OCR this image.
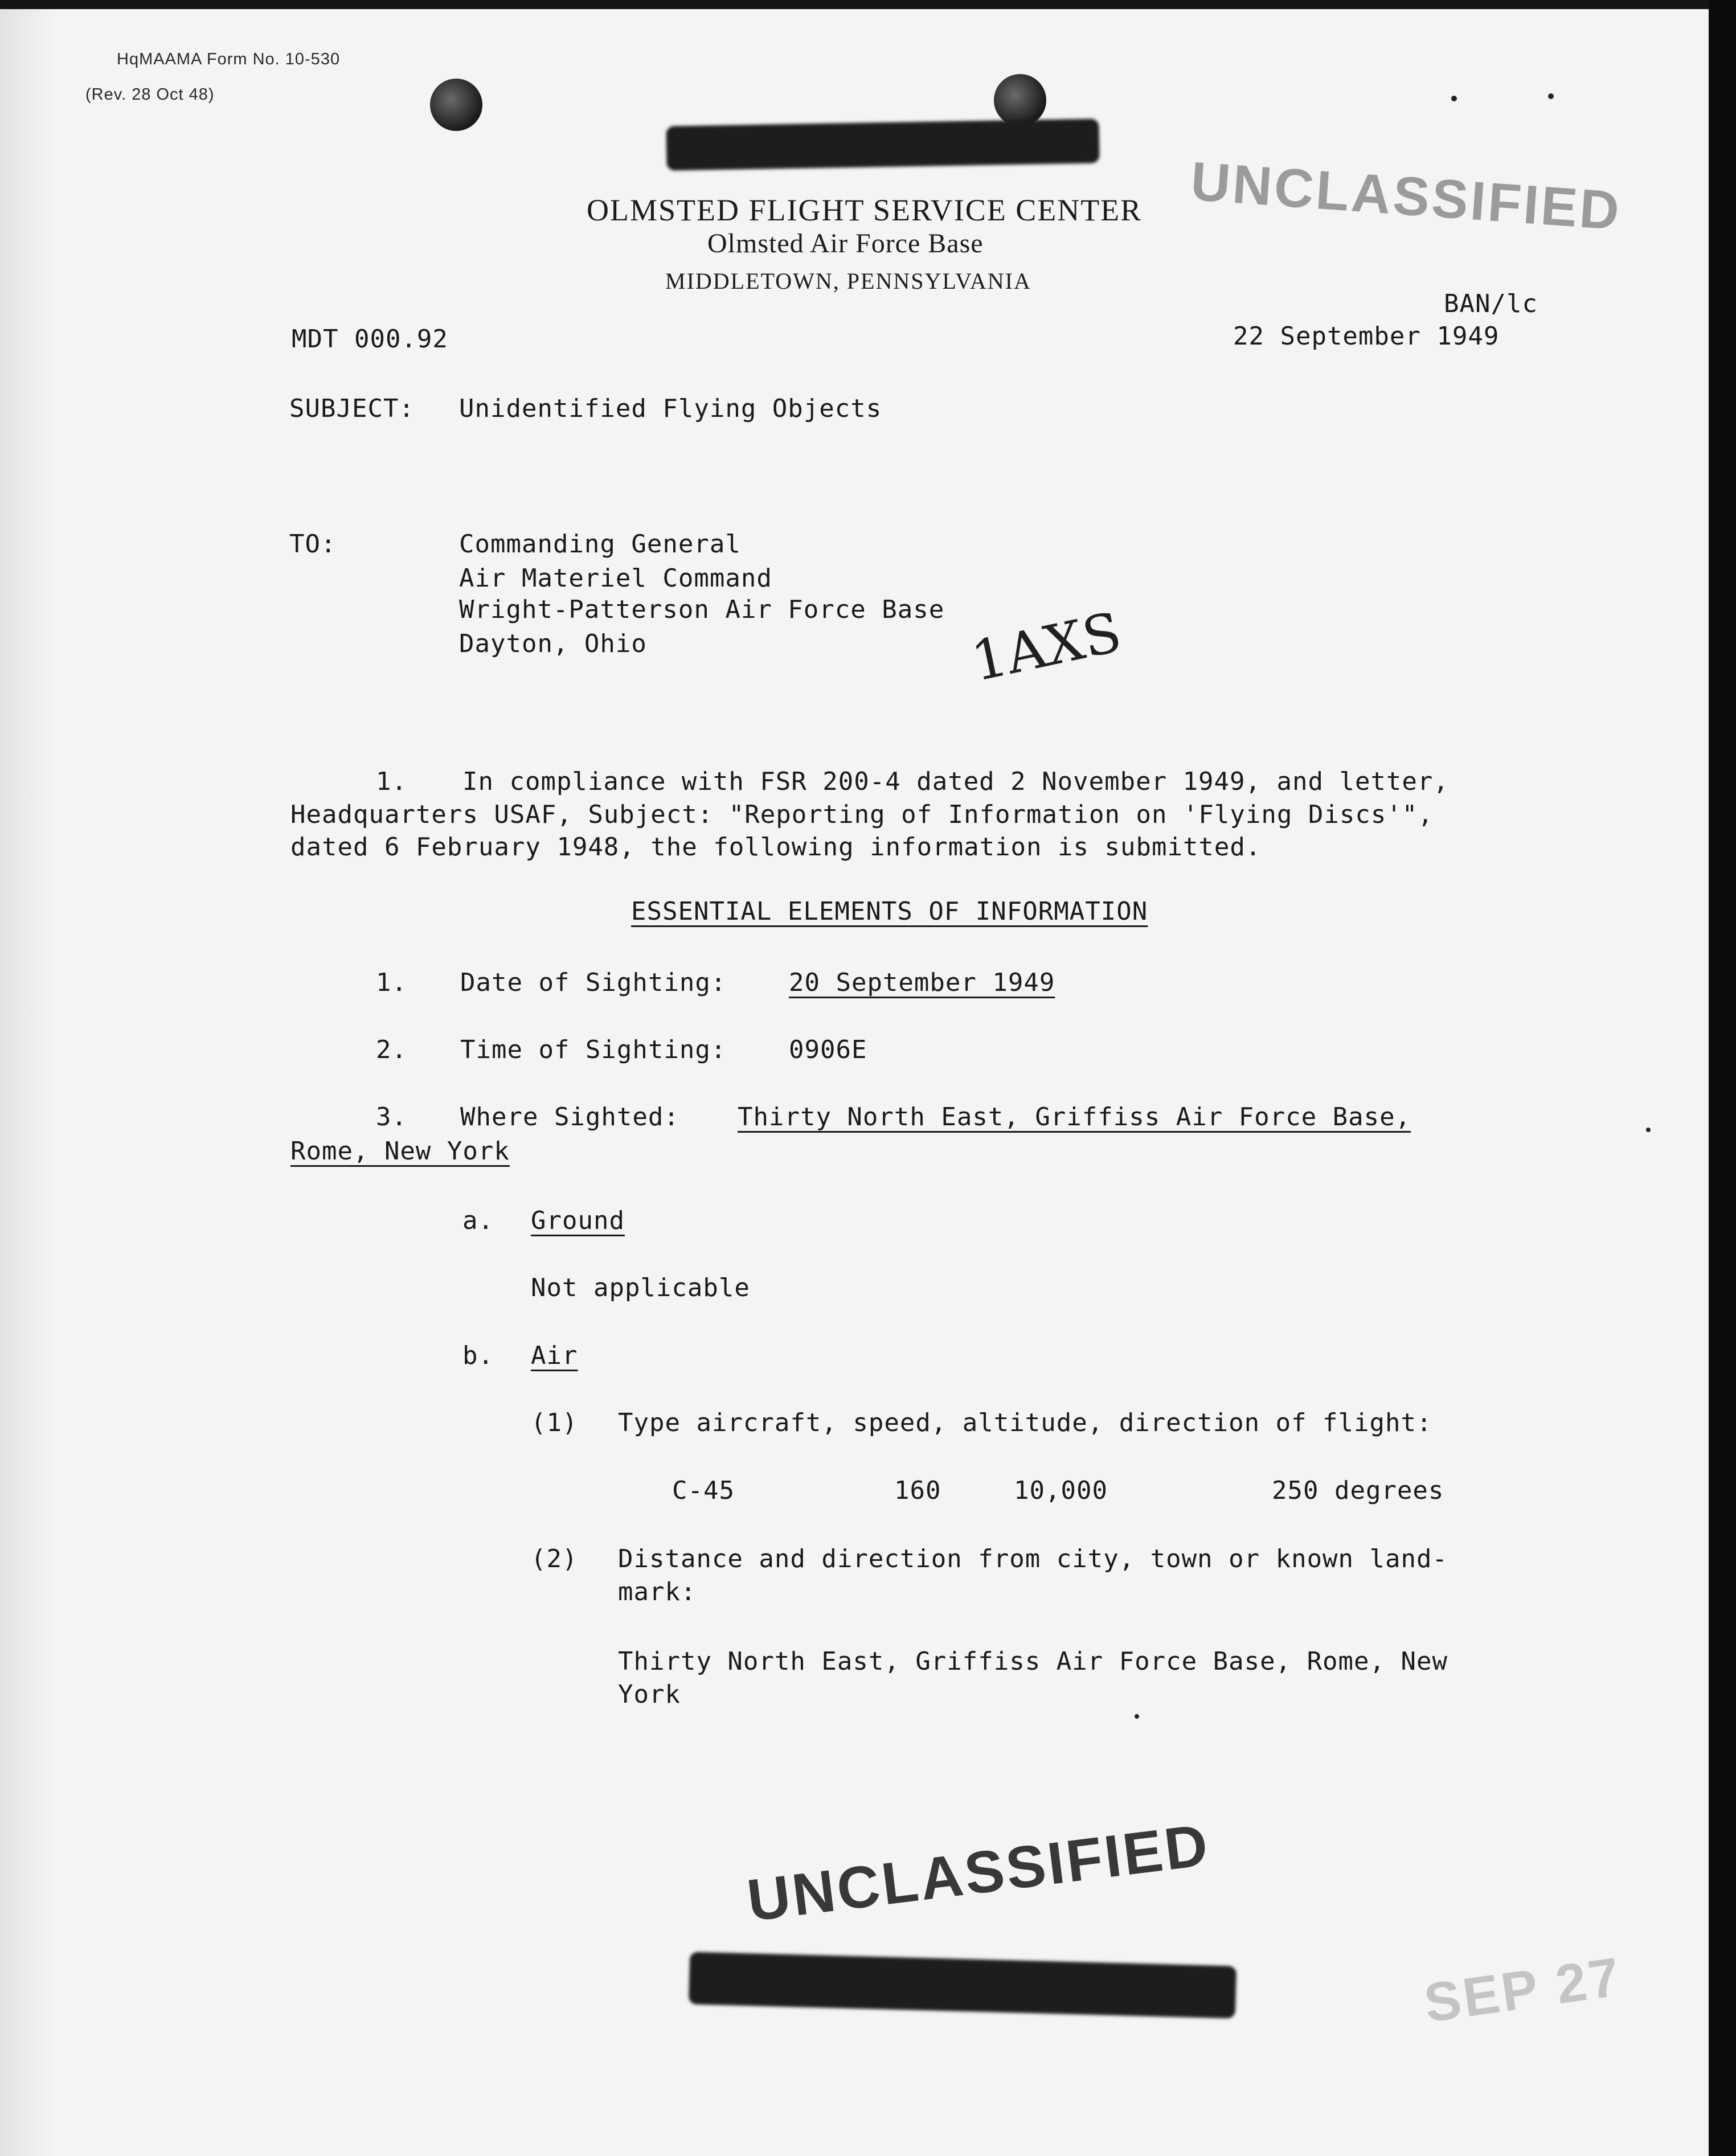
HqMAAMA Form No. 10-530
(Rev. 28 Oct 48)
UNCLASSIFIED
OLMSTED FLIGHT SERVICE CENTER
Olmsted Air Force Base
MIDDLETOWN, PENNSYLVANIA
BAN/lc
MDT 000.92	22 September 1949
SUBJECT: Unidentified Flying Objects
TO:	Commanding General
Air Materiel Command
Wright-Patterson Air Force Base
Dayton, Ohio	1AXS
1. In compliance with FSR 200-4 dated 2 November 1949, and letter,
Headquarters USAF, Subject: "Reporting of Information on 'Flying Discs'",
dated 6 February 1948, the following information is submitted.
ESSENTIAL ELEMENTS OF INFORMATION
1. Date of Sighting: 20 September 1949
2. Time of Sighting: 0906E
3. Where Sighted: Thirty North East, Griffiss Air Force Base,
Rome, New York
a. Ground
Not applicable
b. Air
(1) Type aircraft, speed, altitude, direction of flight:
C-45	160	10,000	250 degrees
(2) Distance and direction from city, town or known land-
mark:
Thirty North East, Griffiss Air Force Base, Rome, New
York
UNCLASSIFIED
SEP 27
